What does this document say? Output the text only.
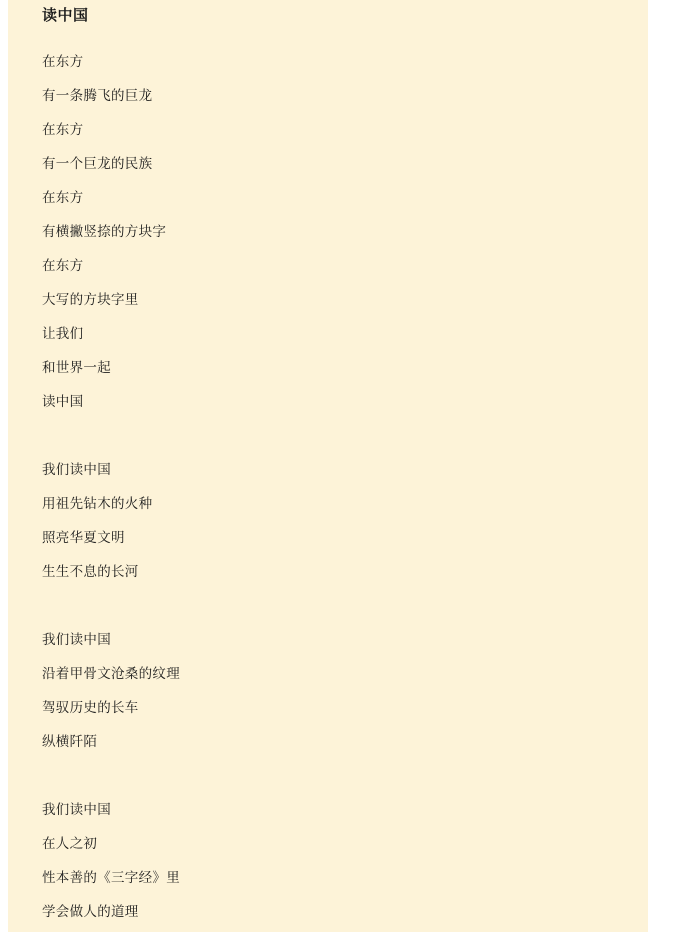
读中国
在东方
有一条腾飞的巨龙
在东方
有一个巨龙的民族
在东方
有横撇竖捺的方块字
在东方
大写的方块字里
让我们
和世界一起
读中国
我们读中国
用祖先钻木的火种
照亮华夏文明
生生不息的长河
我们读中国
沿着甲骨文沧桑的纹理
驾驭历史的长车
纵横阡陌
我们读中国
在人之初
性本善的《三字经》里
学会做人的道理
